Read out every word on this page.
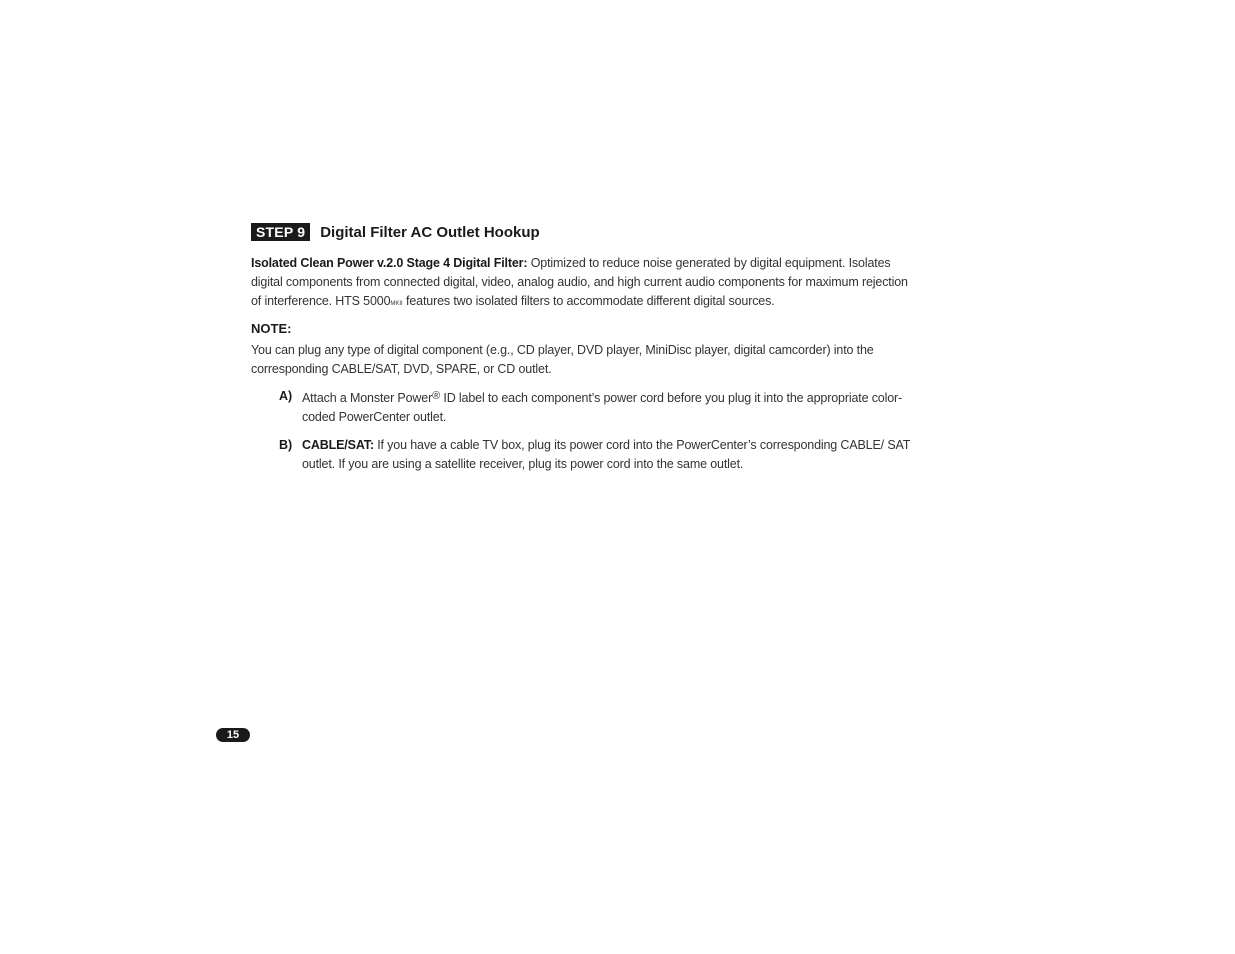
STEP 9	Digital Filter AC Outlet Hookup

Isolated Clean Power v.2.0 Stage 4 Digital Filter: Optimized to reduce noise generated by digital equipment. Isolates digital components from connected digital, video, analog audio, and high current audio components for maximum rejection of interference. HTS 5000MKII features two isolated filters to accommodate different digital sources.

NOTE:

You can plug any type of digital component (e.g., CD player, DVD player, MiniDisc player, digital camcorder) into the corresponding CABLE/SAT, DVD, SPARE, or CD outlet.

A) Attach a Monster Power® ID label to each component’s power cord before you plug it into the appropriate color-coded PowerCenter outlet.

B) CABLE/SAT: If you have a cable TV box, plug its power cord into the PowerCenter’s corresponding CABLE/ SAT outlet. If you are using a satellite receiver, plug its power cord into the same outlet.

15
